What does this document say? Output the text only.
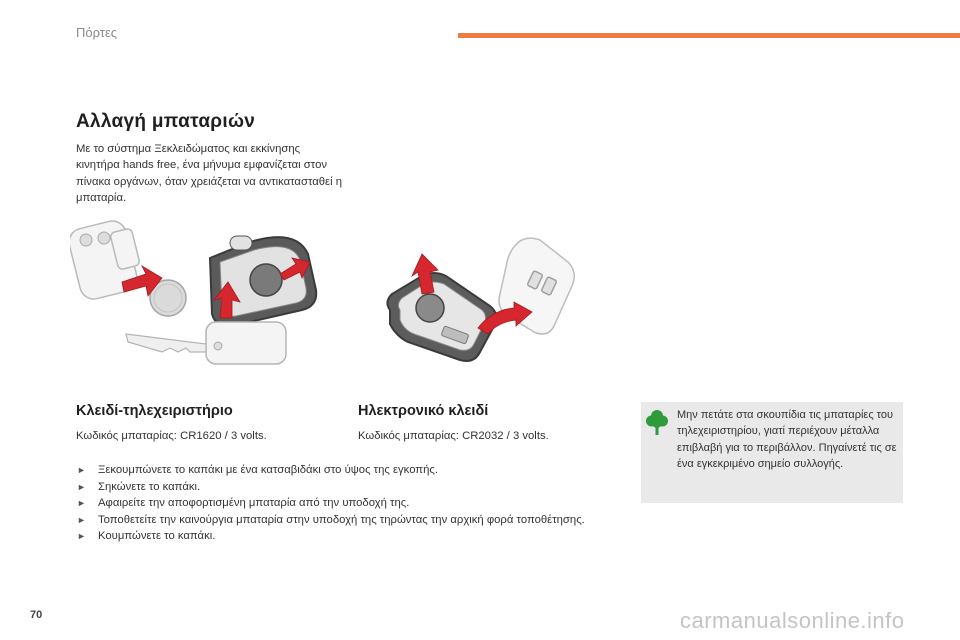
Πόρτες
Αλλαγή μπαταριών

Με το σύστημα Ξεκλειδώματος και εκκίνησης κινητήρα hands free, ένα μήνυμα εμφανίζεται στον πίνακα οργάνων, όταν χρειάζεται να αντικατασταθεί η μπαταρία.

Κλειδί-τηλεχειριστήριο

Κωδικός μπαταρίας: CR1620 / 3 volts.

Ηλεκτρονικό κλειδί

Κωδικός μπαταρίας: CR2032 / 3 volts.

► Ξεκουμπώνετε το καπάκι με ένα κατσαβιδάκι στο ύψος της εγκοπής.
► Σηκώνετε το καπάκι.
► Αφαιρείτε την αποφορτισμένη μπαταρία από την υποδοχή της.
► Τοποθετείτε την καινούργια μπαταρία στην υποδοχή της τηρώντας την αρχική φορά τοποθέτησης.
► Κουμπώνετε το καπάκι.

Μην πετάτε στα σκουπίδια τις μπαταρίες του τηλεχειριστηρίου, γιατί περιέχουν μέταλλα επιβλαβή για το περιβάλλον. Πηγαίνετέ τις σε ένα εγκεκριμένο σημείο συλλογής.

70	carmanualsonline.info
